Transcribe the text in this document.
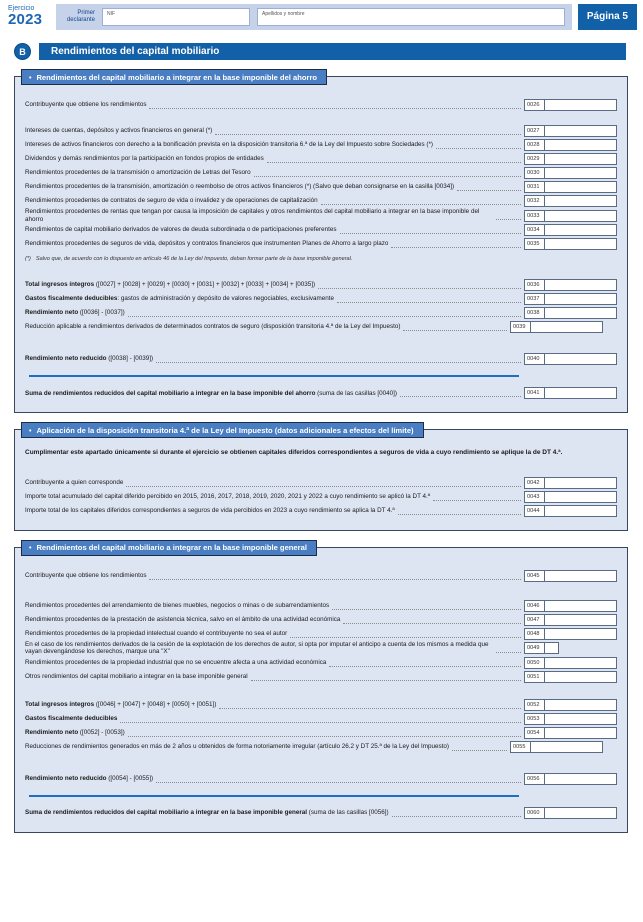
Ejercicio
2023	Primer declarante
NIF	Apellidos y nombre	Página 5
B	Rendimientos del capital mobiliario
• Rendimientos del capital mobiliario a integrar en la base imponible del ahorro
Contribuyente que obtiene los rendimientos	0026
Intereses de cuentas, depósitos y activos financieros en general (*)	0027
Intereses de activos financieros con derecho a la bonificación prevista en la disposición transitoria 6.ª de la Ley del Impuesto sobre Sociedades (*)	0028
Dividendos y demás rendimientos por la participación en fondos propios de entidades	0029
Rendimientos procedentes de la transmisión o amortización de Letras del Tesoro	0030
Rendimientos procedentes de la transmisión, amortización o reembolso de otros activos financieros (*) (Salvo que deban consignarse en la casilla [0034])	0031
Rendimientos procedentes de contratos de seguro de vida o invalidez y de operaciones de capitalización	0032
Rendimientos procedentes de rentas que tengan por causa la imposición de capitales y otros rendimientos del capital mobiliario a integrar en la base imponible del ahorro	0033
Rendimientos de capital mobiliario derivados de valores de deuda subordinada o de participaciones preferentes	0034
Rendimientos procedentes de seguros de vida, depósitos y contratos financieros que instrumenten Planes de Ahorro a largo plazo	0035
(*) Salvo que, de acuerdo con lo dispuesto en artículo 46 de la Ley del Impuesto, deban formar parte de la base imponible general.
Total ingresos íntegros ([0027] + [0028] + [0029] + [0030] + [0031] + [0032] + [0033] + [0034] + [0035])	0036
Gastos fiscalmente deducibles: gastos de administración y depósito de valores negociables, exclusivamente	0037
Rendimiento neto ([0036] - [0037])	0038
Reducción aplicable a rendimientos derivados de determinados contratos de seguro (disposición transitoria 4.ª de la Ley del Impuesto)	0039
Rendimiento neto reducido ([0038] - [0039])	0040
Suma de rendimientos reducidos del capital mobiliario a integrar en la base imponible del ahorro (suma de las casillas [0040])	0041
• Aplicación de la disposición transitoria 4.ª de la Ley del Impuesto (datos adicionales a efectos del límite)
Cumplimentar este apartado únicamente si durante el ejercicio se obtienen capitales diferidos correspondientes a seguros de vida a cuyo rendimiento se aplique la de DT 4.ª.
Contribuyente a quien corresponde	0042
Importe total acumulado del capital diferido percibido en 2015, 2016, 2017, 2018, 2019, 2020, 2021 y 2022 a cuyo rendimiento se aplicó la DT 4.ª	0043
Importe total de los capitales diferidos correspondientes a seguros de vida percibidos en 2023 a cuyo rendimiento se aplica la DT 4.ª	0044
• Rendimientos del capital mobiliario a integrar en la base imponible general
Contribuyente que obtiene los rendimientos	0045
Rendimientos procedentes del arrendamiento de bienes muebles, negocios o minas o de subarrendamientos	0046
Rendimientos procedentes de la prestación de asistencia técnica, salvo en el ámbito de una actividad económica	0047
Rendimientos procedentes de la propiedad intelectual cuando el contribuyente no sea el autor	0048
En el caso de los rendimientos derivados de la cesión de la explotación de los derechos de autor, si opta por imputar el anticipo a cuenta de los mismos a medida que vayan devengándose los derechos, marque una "X"	0049
Rendimientos procedentes de la propiedad industrial que no se encuentre afecta a una actividad económica	0050
Otros rendimientos del capital mobiliario a integrar en la base imponible general	0051
Total ingresos íntegros ([0046] + [0047] + [0048] + [0050] + [0051])	0052
Gastos fiscalmente deducibles	0053
Rendimiento neto ([0052] - [0053])	0054
Reducciones de rendimientos generados en más de 2 años u obtenidos de forma notoriamente irregular (artículo 26.2 y DT 25.ª de la Ley del Impuesto)	0055
Rendimiento neto reducido ([0054] - [0055])	0056
Suma de rendimientos reducidos del capital mobiliario a integrar en la base imponible general (suma de las casillas [0056])	0060
